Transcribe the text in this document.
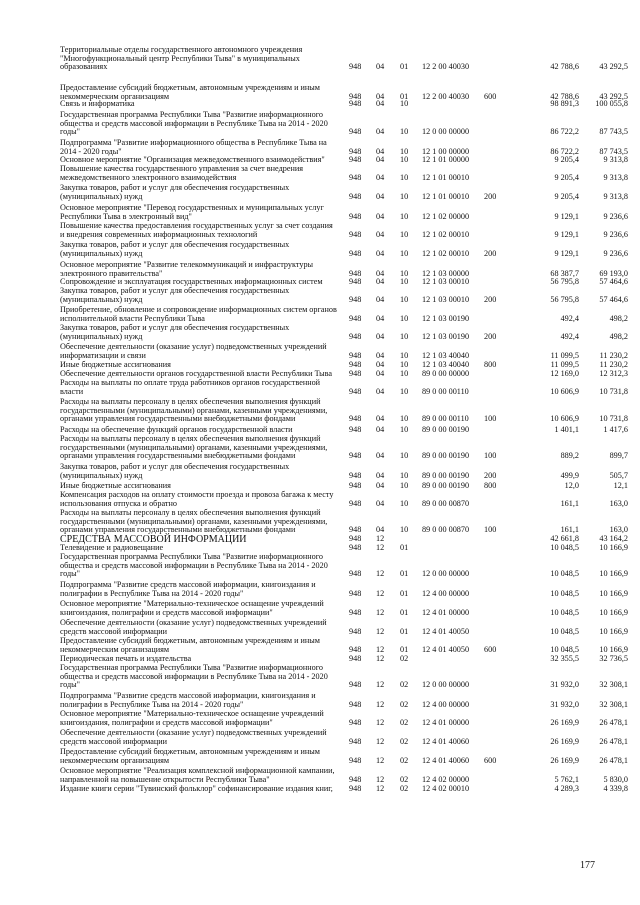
Территориальные отделы государственного автономного учреждения "Многофункциональный центр Республики Тыва" в муниципальных образованиях	948 04 01 12 2 00 40030	42 788,6	43 292,5
Предоставление субсидий бюджетным, автономным учреждениям и иным некоммерческим организациям	948 04 01 12 2 00 40030 600	42 788,6	43 292,5
Связь и информатика	948 04 10	98 891,3	100 055,8
Государственная программа Республики Тыва "Развитие информационного общества и средств массовой информации в Республике Тыва на 2014 - 2020 годы"	948 04 10 12 0 00 00000	86 722,2	87 743,5
Подпрограмма "Развитие информационного общества в Республике Тыва на 2014 - 2020 годы"	948 04 10 12 1 00 00000	86 722,2	87 743,5
Основное мероприятие "Организация межведомственного взаимодействия"	948 04 10 12 1 01 00000	9 205,4	9 313,8
Повышение качества государственного управления за счет внедрения межведомственного электронного взаимодействия	948 04 10 12 1 01 00010	9 205,4	9 313,8
Закупка товаров, работ и услуг для обеспечения государственных (муниципальных) нужд	948 04 10 12 1 01 00010 200	9 205,4	9 313,8
Основное мероприятие "Перевод государственных и муниципальных услуг Республики Тыва в электронный вид"	948 04 10 12 1 02 00000	9 129,1	9 236,6
Повышение качества предоставления государственных услуг за счет создания и внедрения современных информационных технологий	948 04 10 12 1 02 00010	9 129,1	9 236,6
Закупка товаров, работ и услуг для обеспечения государственных (муниципальных) нужд	948 04 10 12 1 02 00010 200	9 129,1	9 236,6
Основное мероприятие "Развитие телекоммуникаций и инфраструктуры электронного правительства"	948 04 10 12 1 03 00000	68 387,7	69 193,0
Сопровождение и эксплуатация государственных информационных систем	948 04 10 12 1 03 00010	56 795,8	57 464,6
Закупка товаров, работ и услуг для обеспечения государственных (муниципальных) нужд	948 04 10 12 1 03 00010 200	56 795,8	57 464,6
Приобретение, обновление и сопровождение информационных систем органов исполнительной власти Республики Тыва	948 04 10 12 1 03 00190	492,4	498,2
Закупка товаров, работ и услуг для обеспечения государственных (муниципальных) нужд	948 04 10 12 1 03 00190 200	492,4	498,2
Обеспечение деятельности (оказание услуг) подведомственных учреждений информатизации и связи	948 04 10 12 1 03 40040	11 099,5	11 230,2
Иные бюджетные ассигнования	948 04 10 12 1 03 40040 800	11 099,5	11 230,2
Обеспечение деятельности органов государственной власти Республики Тыва	948 04 10 89 0 00 00000	12 169,0	12 312,3
Расходы на выплаты по оплате труда работников органов государственной власти	948 04 10 89 0 00 00110	10 606,9	10 731,8
Расходы на выплаты персоналу в целях обеспечения выполнения функций государственными (муниципальными) органами, казенными учреждениями, органами управления государственными внебюджетными фондами	948 04 10 89 0 00 00110 100	10 606,9	10 731,8
Расходы на обеспечение функций органов государственной власти	948 04 10 89 0 00 00190	1 401,1	1 417,6
Расходы на выплаты персоналу в целях обеспечения выполнения функций государственными (муниципальными) органами, казенными учреждениями, органами управления государственными внебюджетными фондами	948 04 10 89 0 00 00190 100	889,2	899,7
Закупка товаров, работ и услуг для обеспечения государственных (муниципальных) нужд	948 04 10 89 0 00 00190 200	499,9	505,7
Иные бюджетные ассигнования	948 04 10 89 0 00 00190 800	12,0	12,1
Компенсация расходов на оплату стоимости проезда и провоза багажа к месту использования отпуска и обратно	948 04 10 89 0 00 00870	161,1	163,0
Расходы на выплаты персоналу в целях обеспечения выполнения функций государственными (муниципальными) органами, казенными учреждениями, органами управления государственными внебюджетными фондами	948 04 10 89 0 00 00870 100	161,1	163,0
СРЕДСТВА МАССОВОЙ ИНФОРМАЦИИ	948 12	42 661,8	43 164,2
Телевидение и радиовещание	948 12 01	10 048,5	10 166,9
Государственная программа Республики Тыва "Развитие информационного общества и средств массовой информации в Республике Тыва на 2014 - 2020 годы"	948 12 01 12 0 00 00000	10 048,5	10 166,9
Подпрограмма "Развитие средств массовой информации, книгоиздания и полиграфии в Республике Тыва на 2014 - 2020 годы"	948 12 01 12 4 00 00000	10 048,5	10 166,9
Основное мероприятие "Материально-техническое оснащение учреждений книгоиздания, полиграфии и средств массовой информации"	948 12 01 12 4 01 00000	10 048,5	10 166,9
Обеспечение деятельности (оказание услуг) подведомственных учреждений средств массовой информации	948 12 01 12 4 01 40050	10 048,5	10 166,9
Предоставление субсидий бюджетным, автономным учреждениям и иным некоммерческим организациям	948 12 01 12 4 01 40050 600	10 048,5	10 166,9
Периодическая печать и издательства	948 12 02	32 355,5	32 736,5
Государственная программа Республики Тыва "Развитие информационного общества и средств массовой информации в Республике Тыва на 2014 - 2020 годы"	948 12 02 12 0 00 00000	31 932,0	32 308,1
Подпрограмма "Развитие средств массовой информации, книгоиздания и полиграфии в Республике Тыва на 2014 - 2020 годы"	948 12 02 12 4 00 00000	31 932,0	32 308,1
Основное мероприятие "Материально-техническое оснащение учреждений книгоиздания, полиграфии и средств массовой информации"	948 12 02 12 4 01 00000	26 169,9	26 478,1
Обеспечение деятельности (оказание услуг) подведомственных учреждений средств массовой информации	948 12 02 12 4 01 40060	26 169,9	26 478,1
Предоставление субсидий бюджетным, автономным учреждениям и иным некоммерческим организациям	948 12 02 12 4 01 40060 600	26 169,9	26 478,1
Основное мероприятие "Реализация комплексной информационной кампании, направленной на повышение открытости Республики Тыва"	948 12 02 12 4 02 00000	5 762,1	5 830,0
Издание книги серии "Тувинский фольклор" софинансирование издания книг,	948 12 02 12 4 02 00010	4 289,3	4 339,8
177
